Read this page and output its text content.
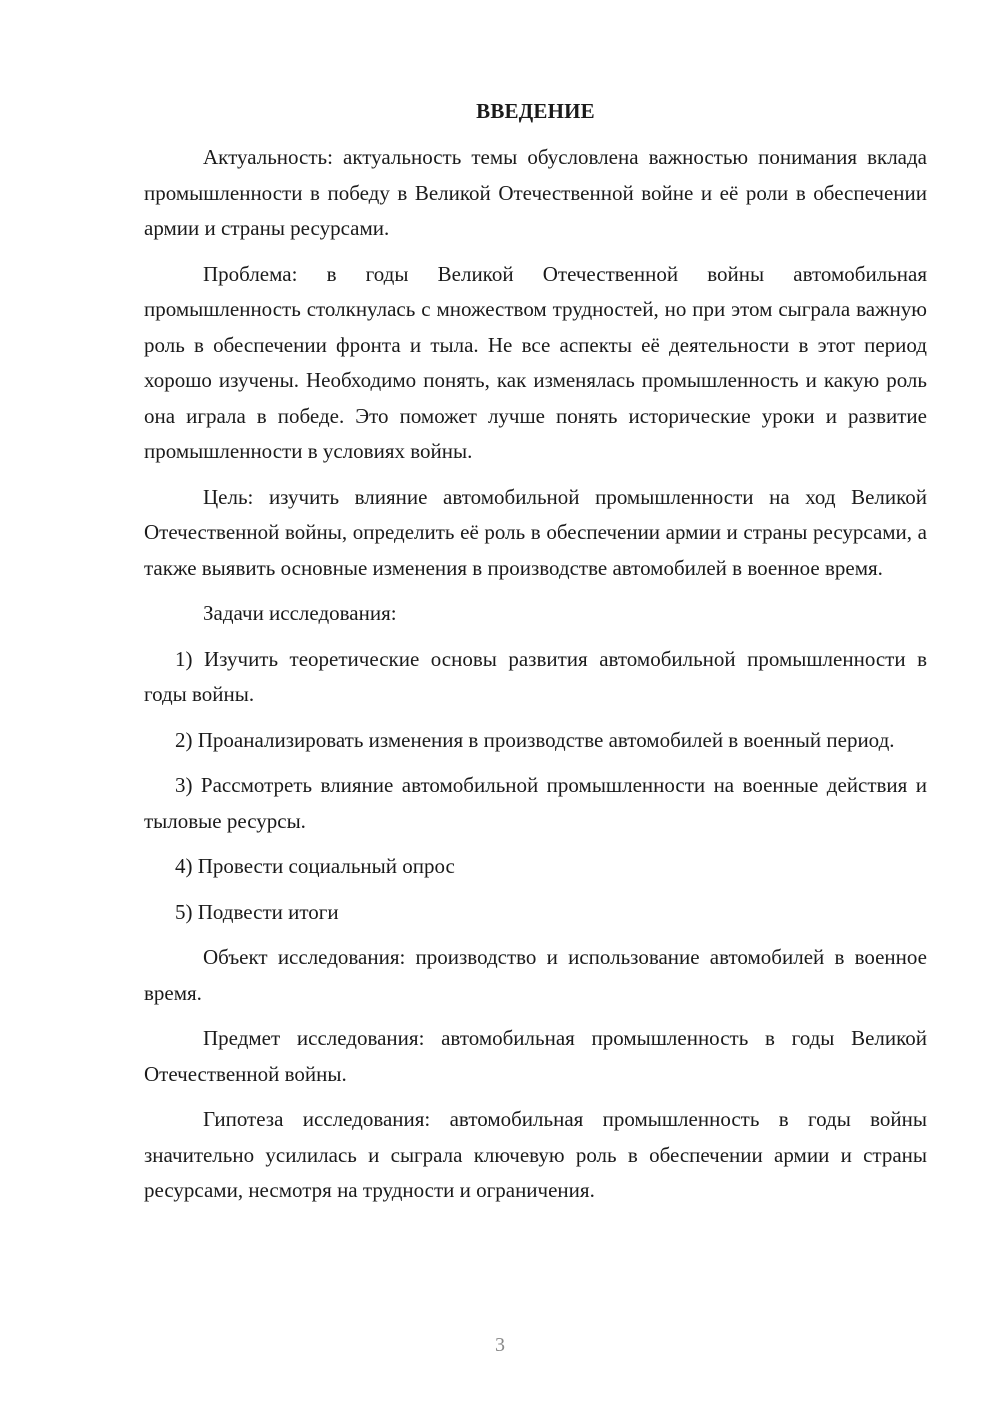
ВВЕДЕНИЕ

Актуальность: актуальность темы обусловлена важностью понимания вклада промышленности в победу в Великой Отечественной войне и её роли в обеспечении армии и страны ресурсами.

Проблема: в годы Великой Отечественной войны автомобильная промышленность столкнулась с множеством трудностей, но при этом сыграла важную роль в обеспечении фронта и тыла. Не все аспекты её деятельности в этот период хорошо изучены. Необходимо понять, как изменялась промышленность и какую роль она играла в победе. Это поможет лучше понять исторические уроки и развитие промышленности в условиях войны.

Цель: изучить влияние автомобильной промышленности на ход Великой Отечественной войны, определить её роль в обеспечении армии и страны ресурсами, а также выявить основные изменения в производстве автомобилей в военное время.

Задачи исследования:

1) Изучить теоретические основы развития автомобильной промышленности в годы войны.

2) Проанализировать изменения в производстве автомобилей в военный период.

3) Рассмотреть влияние автомобильной промышленности на военные действия и тыловые ресурсы.

4) Провести социальный опрос

5) Подвести итоги

Объект исследования: производство и использование автомобилей в военное время.

Предмет исследования: автомобильная промышленность в годы Великой Отечественной войны.

Гипотеза исследования: автомобильная промышленность в годы войны значительно усилилась и сыграла ключевую роль в обеспечении армии и страны ресурсами, несмотря на трудности и ограничения.

3
